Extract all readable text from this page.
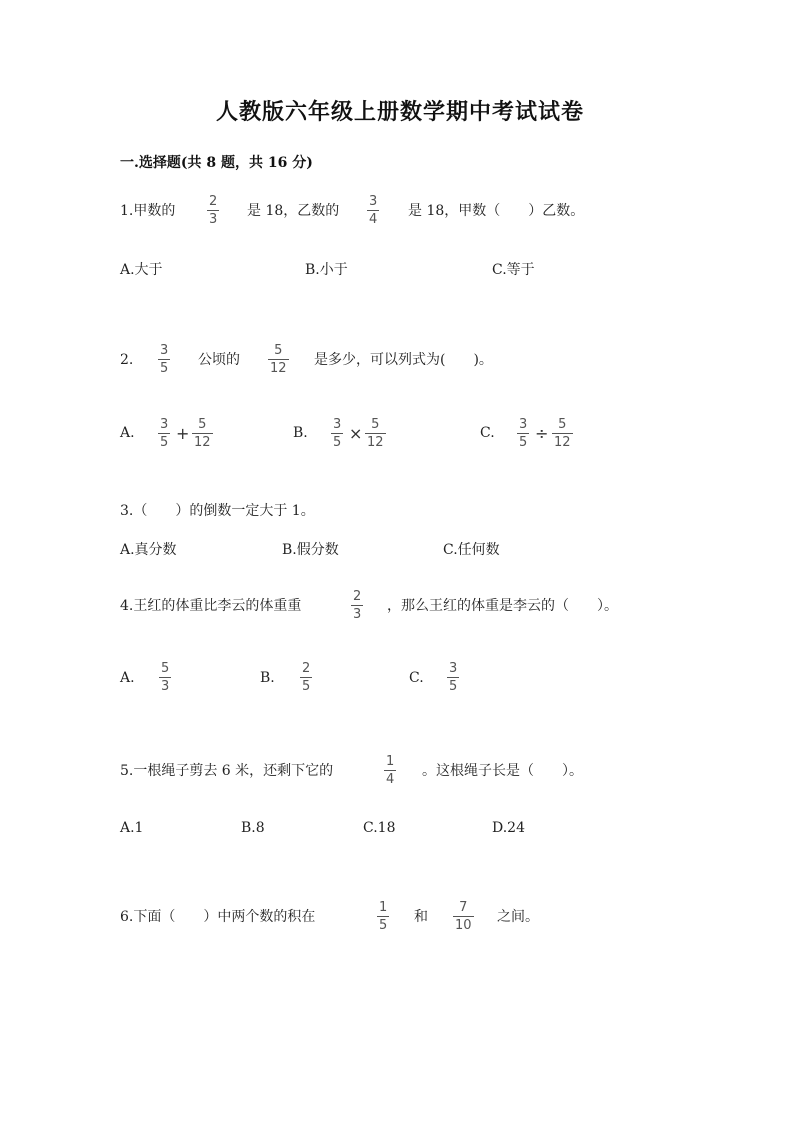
人教版六年级上册数学期中考试试卷
一.选择题(共 8 题，共 16 分)
1.甲数的
2
3
是 18，乙数的
3
4
是 18，甲数（　　）乙数。
A.大于	B.小于	C.等于
2.
3
5
公顷的
5
12
是多少，可以列式为(　　)。
A.
3
5 + 5
12
B.
3
5 × 5
12
C.
3
5 ÷ 5
12
3.（　　）的倒数一定大于 1。
A.真分数	B.假分数	C.任何数
4.王红的体重比李云的体重重
2
3
，那么王红的体重是李云的（　　）。
A.
5
3
B.
2
5
C.
3
5
5.一根绳子剪去 6 米，还剩下它的
1
4
。这根绳子长是（　　）。
A.1	B.8	C.18	D.24
6.下面（　　）中两个数的积在
1
5
和
7
10
之间。
